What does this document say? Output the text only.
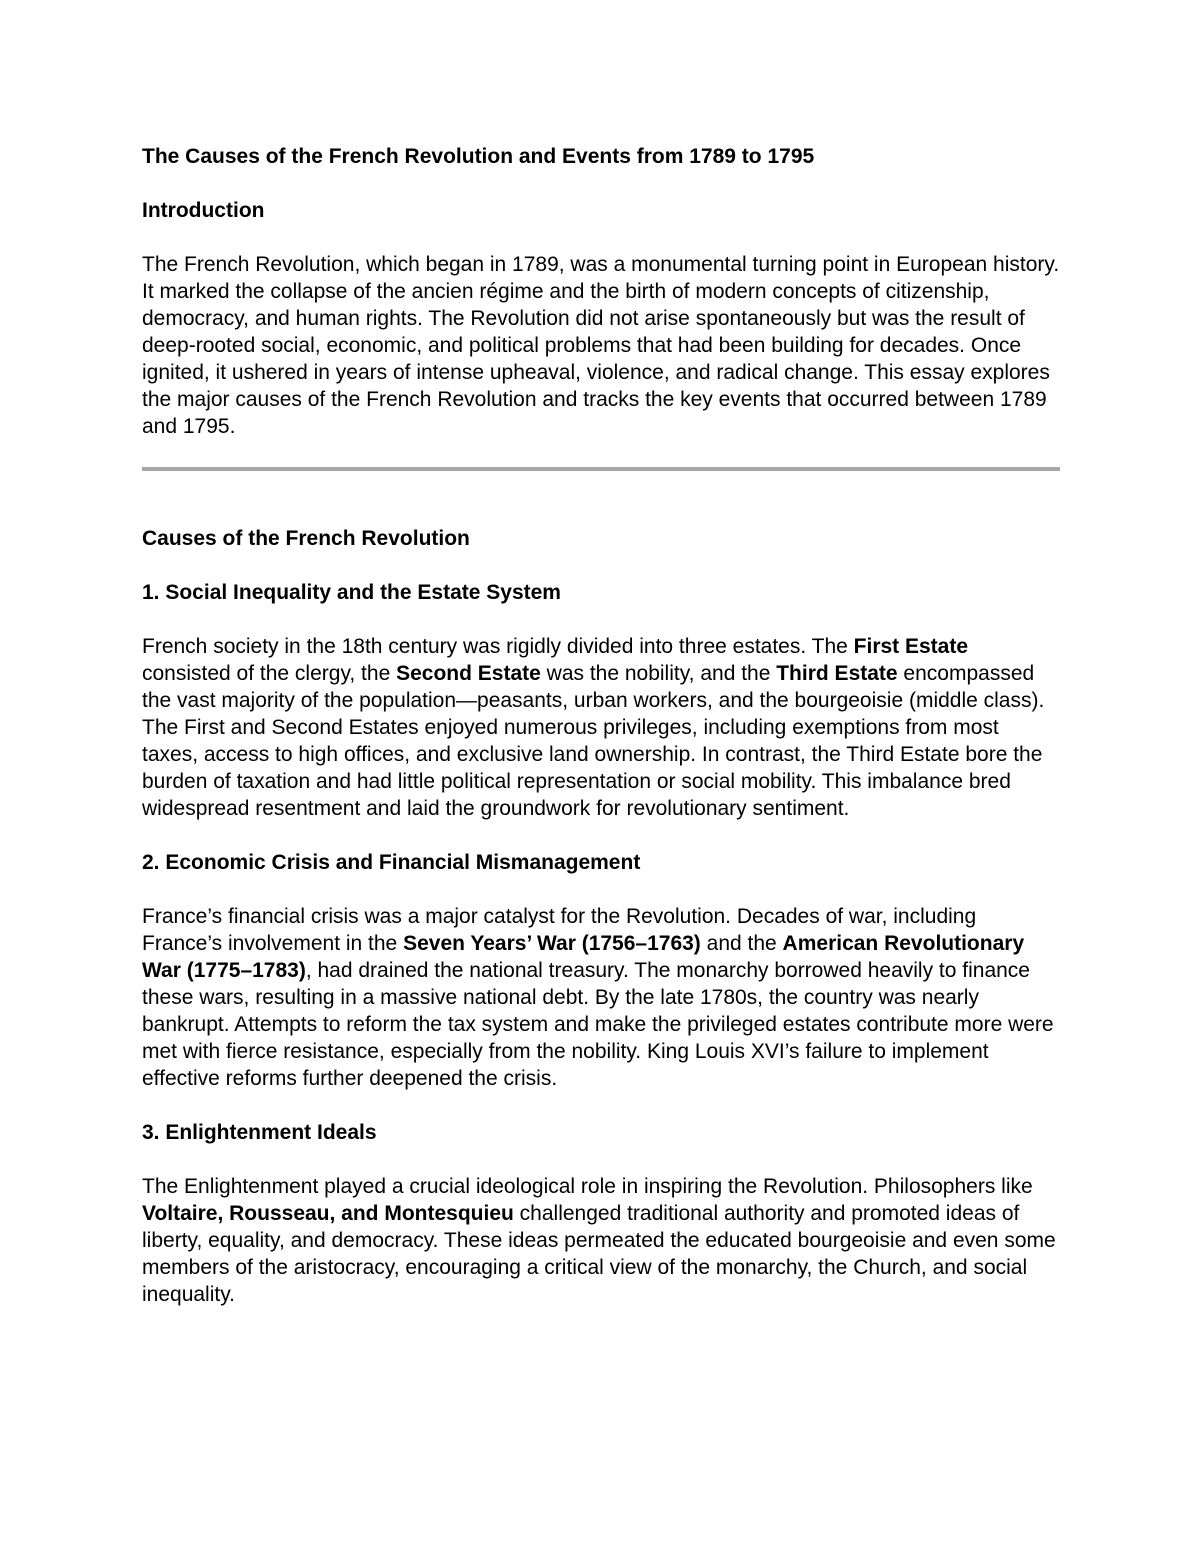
The Causes of the French Revolution and Events from 1789 to 1795
Introduction

The French Revolution, which began in 1789, was a monumental turning point in European history. It marked the collapse of the ancien régime and the birth of modern concepts of citizenship, democracy, and human rights. The Revolution did not arise spontaneously but was the result of deep-rooted social, economic, and political problems that had been building for decades. Once ignited, it ushered in years of intense upheaval, violence, and radical change. This essay explores the major causes of the French Revolution and tracks the key events that occurred between 1789 and 1795.

Causes of the French Revolution
1. Social Inequality and the Estate System

French society in the 18th century was rigidly divided into three estates. The First Estate consisted of the clergy, the Second Estate was the nobility, and the Third Estate encompassed the vast majority of the population—peasants, urban workers, and the bourgeoisie (middle class). The First and Second Estates enjoyed numerous privileges, including exemptions from most taxes, access to high offices, and exclusive land ownership. In contrast, the Third Estate bore the burden of taxation and had little political representation or social mobility. This imbalance bred widespread resentment and laid the groundwork for revolutionary sentiment.

2. Economic Crisis and Financial Mismanagement

France’s financial crisis was a major catalyst for the Revolution. Decades of war, including France’s involvement in the Seven Years’ War (1756–1763) and the American Revolutionary War (1775–1783), had drained the national treasury. The monarchy borrowed heavily to finance these wars, resulting in a massive national debt. By the late 1780s, the country was nearly bankrupt. Attempts to reform the tax system and make the privileged estates contribute more were met with fierce resistance, especially from the nobility. King Louis XVI’s failure to implement effective reforms further deepened the crisis.

3. Enlightenment Ideals

The Enlightenment played a crucial ideological role in inspiring the Revolution. Philosophers like Voltaire, Rousseau, and Montesquieu challenged traditional authority and promoted ideas of liberty, equality, and democracy. These ideas permeated the educated bourgeoisie and even some members of the aristocracy, encouraging a critical view of the monarchy, the Church, and social inequality.
